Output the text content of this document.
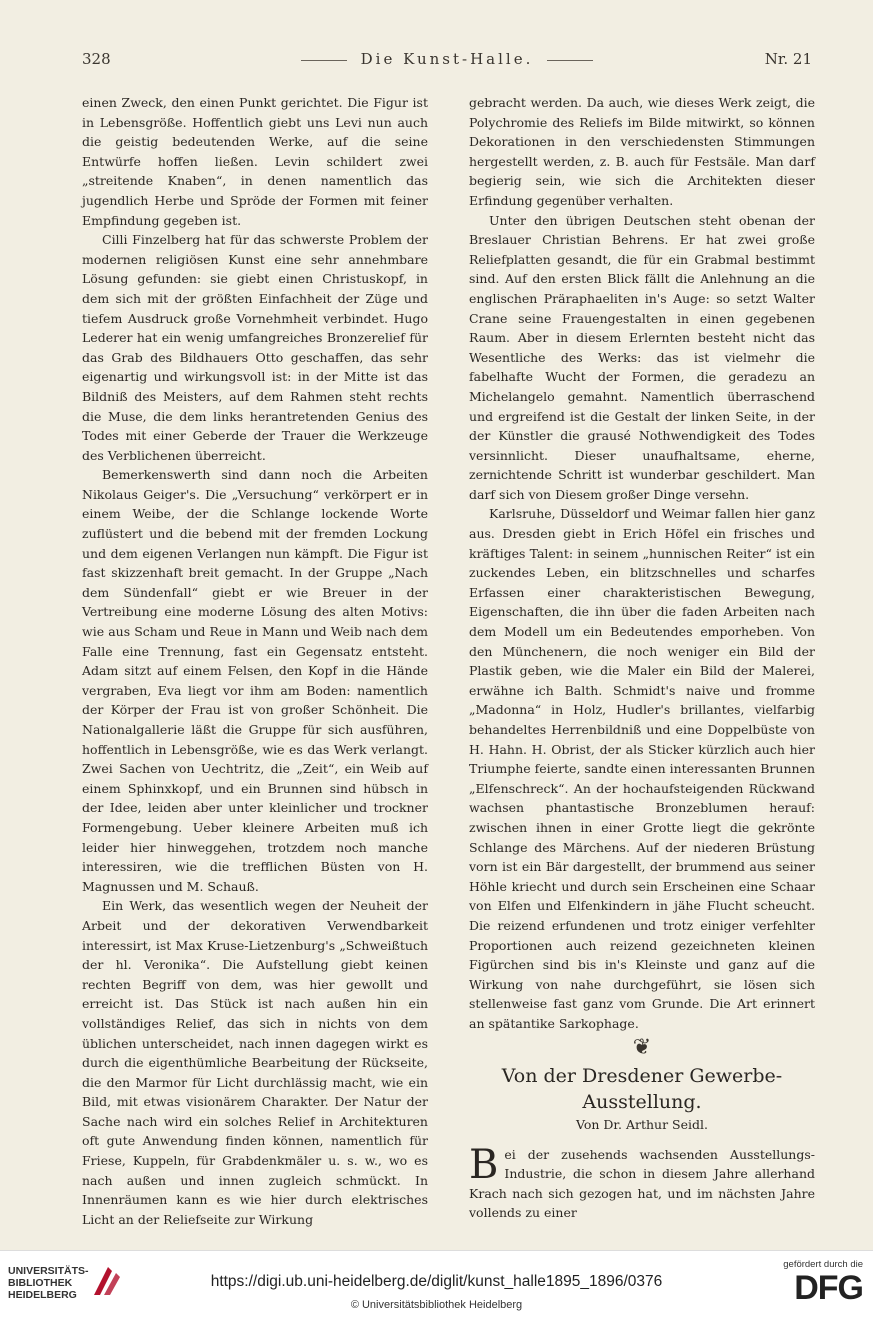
328	Die Kunst-Halle.	Nr. 21

einen Zweck, den einen Punkt gerichtet. Die Figur ist in Lebensgröße. Hoffentlich giebt uns Levi nun auch die geistig bedeutenden Werke, auf die seine Entwürfe hoffen ließen. Levin schildert zwei „streitende Knaben“, in denen namentlich das jugendlich Herbe und Spröde der Formen mit feiner Empfindung gegeben ist.

Cilli Finzelberg hat für das schwerste Problem der modernen religiösen Kunst eine sehr annehmbare Lösung gefunden: sie giebt einen Christuskopf, in dem sich mit der größten Einfachheit der Züge und tiefem Ausdruck große Vornehmheit verbindet. Hugo Lederer hat ein wenig umfangreiches Bronzerelief für das Grab des Bildhauers Otto geschaffen, das sehr eigenartig und wirkungsvoll ist: in der Mitte ist das Bildniß des Meisters, auf dem Rahmen steht rechts die Muse, die dem links herantretenden Genius des Todes mit einer Geberde der Trauer die Werkzeuge des Verblichenen überreicht.

Bemerkenswerth sind dann noch die Arbeiten Nikolaus Geiger's. Die „Versuchung“ verkörpert er in einem Weibe, der die Schlange lockende Worte zuflüstert und die bebend mit der fremden Lockung und dem eigenen Verlangen nun kämpft. Die Figur ist fast skizzenhaft breit gemacht. In der Gruppe „Nach dem Sündenfall“ giebt er wie Breuer in der Vertreibung eine moderne Lösung des alten Motivs: wie aus Scham und Reue in Mann und Weib nach dem Falle eine Trennung, fast ein Gegensatz entsteht. Adam sitzt auf einem Felsen, den Kopf in die Hände vergraben, Eva liegt vor ihm am Boden: namentlich der Körper der Frau ist von großer Schönheit. Die Nationalgallerie läßt die Gruppe für sich ausführen, hoffentlich in Lebensgröße, wie es das Werk verlangt. Zwei Sachen von Uechtritz, die „Zeit“, ein Weib auf einem Sphinxkopf, und ein Brunnen sind hübsch in der Idee, leiden aber unter kleinlicher und trockner Formengebung. Ueber kleinere Arbeiten muß ich leider hier hinweggehen, trotzdem noch manche interessiren, wie die trefflichen Büsten von H. Magnussen und M. Schauß.

Ein Werk, das wesentlich wegen der Neuheit der Arbeit und der dekorativen Verwendbarkeit interessirt, ist Max Kruse-Lietzenburg's „Schweißtuch der hl. Veronika“. Die Aufstellung giebt keinen rechten Begriff von dem, was hier gewollt und erreicht ist. Das Stück ist nach außen hin ein vollständiges Relief, das sich in nichts von dem üblichen unterscheidet, nach innen dagegen wirkt es durch die eigenthümliche Bearbeitung der Rückseite, die den Marmor für Licht durchlässig macht, wie ein Bild, mit etwas visionärem Charakter. Der Natur der Sache nach wird ein solches Relief in Architekturen oft gute Anwendung finden können, namentlich für Friese, Kuppeln, für Grabdenkmäler u. s. w., wo es nach außen und innen zugleich schmückt. In Innenräumen kann es wie hier durch elektrisches Licht an der Reliefseite zur Wirkung

gebracht werden. Da auch, wie dieses Werk zeigt, die Polychromie des Reliefs im Bilde mitwirkt, so können Dekorationen in den verschiedensten Stimmungen hergestellt werden, z. B. auch für Festsäle. Man darf begierig sein, wie sich die Architekten dieser Erfindung gegenüber verhalten.

Unter den übrigen Deutschen steht obenan der Breslauer Christian Behrens. Er hat zwei große Reliefplatten gesandt, die für ein Grabmal bestimmt sind. Auf den ersten Blick fällt die Anlehnung an die englischen Präraphaeliten in's Auge: so setzt Walter Crane seine Frauengestalten in einen gegebenen Raum. Aber in diesem Erlernten besteht nicht das Wesentliche des Werks: das ist vielmehr die fabelhafte Wucht der Formen, die geradezu an Michelangelo gemahnt. Namentlich überraschend und ergreifend ist die Gestalt der linken Seite, in der der Künstler die grausé Nothwendigkeit des Todes versinnlicht. Dieser unaufhaltsame, eherne, zernichtende Schritt ist wunderbar geschildert. Man darf sich von Diesem großer Dinge versehn.

Karlsruhe, Düsseldorf und Weimar fallen hier ganz aus. Dresden giebt in Erich Höfel ein frisches und kräftiges Talent: in seinem „hunnischen Reiter“ ist ein zuckendes Leben, ein blitzschnelles und scharfes Erfassen einer charakteristischen Bewegung, Eigenschaften, die ihn über die faden Arbeiten nach dem Modell um ein Bedeutendes emporheben. Von den Münchenern, die noch weniger ein Bild der Plastik geben, wie die Maler ein Bild der Malerei, erwähne ich Balth. Schmidt's naive und fromme „Madonna“ in Holz, Hudler's brillantes, vielfarbig behandeltes Herrenbildniß und eine Doppelbüste von H. Hahn. H. Obrist, der als Sticker kürzlich auch hier Triumphe feierte, sandte einen interessanten Brunnen „Elfenschreck“. An der hochaufsteigenden Rückwand wachsen phantastische Bronzeblumen herauf: zwischen ihnen in einer Grotte liegt die gekrönte Schlange des Märchens. Auf der niederen Brüstung vorn ist ein Bär dargestellt, der brummend aus seiner Höhle kriecht und durch sein Erscheinen eine Schaar von Elfen und Elfenkindern in jähe Flucht scheucht. Die reizend erfundenen und trotz einiger verfehlter Proportionen auch reizend gezeichneten kleinen Figürchen sind bis in's Kleinste und ganz auf die Wirkung von nahe durchgeführt, sie lösen sich stellenweise fast ganz vom Grunde. Die Art erinnert an spätantike Sarkophage.

❦
Von der Dresdener Gewerbe-
Ausstellung.
Von Dr. Arthur Seidl.

Bei der zusehends wachsenden Ausstellungs-Industrie, die schon in diesem Jahre allerhand Krach nach sich gezogen hat, und im nächsten Jahre vollends zu einer

UNIVERSITÄTS-
BIBLIOTHEK
HEIDELBERG
https://digi.ub.uni-heidelberg.de/diglit/kunst_halle1895_1896/0376
© Universitätsbibliothek Heidelberg
gefördert durch die
DFG
